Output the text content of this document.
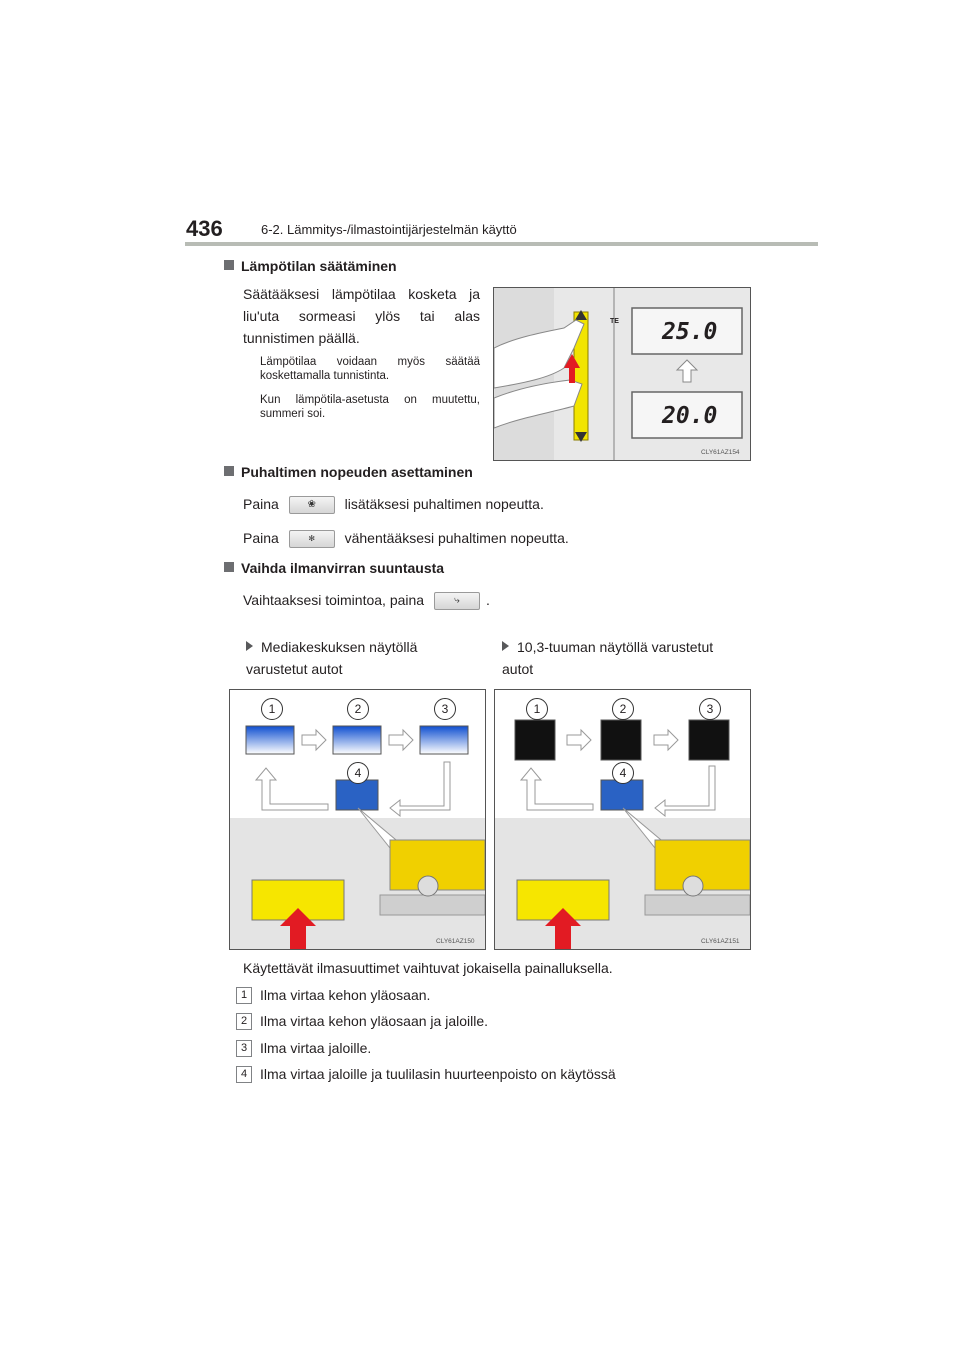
436	6-2. Lämmitys-/ilmastointijärjestelmän käyttö
Lämpötilan säätäminen
Säätääksesi lämpötilaa kosketa ja liu'uta sormeasi ylös tai alas tunnistimen päällä.
Lämpötilaa voidaan myös säätää koskettamalla tunnistinta.
Kun lämpötila-asetusta on muutettu, summeri soi.
TE 25.0
20.0
CLY61AZ154
Puhaltimen nopeuden asettaminen
Paina	❀	lisätäksesi puhaltimen nopeutta.
Paina	✻	vähentääksesi puhaltimen nopeutta.
Vaihda ilmanvirran suuntausta
Vaihtaaksesi toimintoa, paina	⤷	.
Mediakeskuksen näytöllä varustetut autot
10,3-tuuman näytöllä varustetut autot
1	2	3
4
CLY61AZ150
1	2	3
4
CLY61AZ151
Käytettävät ilmasuuttimet vaihtuvat jokaisella painalluksella.
1 Ilma virtaa kehon yläosaan.
2 Ilma virtaa kehon yläosaan ja jaloille.
3 Ilma virtaa jaloille.
4 Ilma virtaa jaloille ja tuulilasin huurteenpoisto on käytössä
